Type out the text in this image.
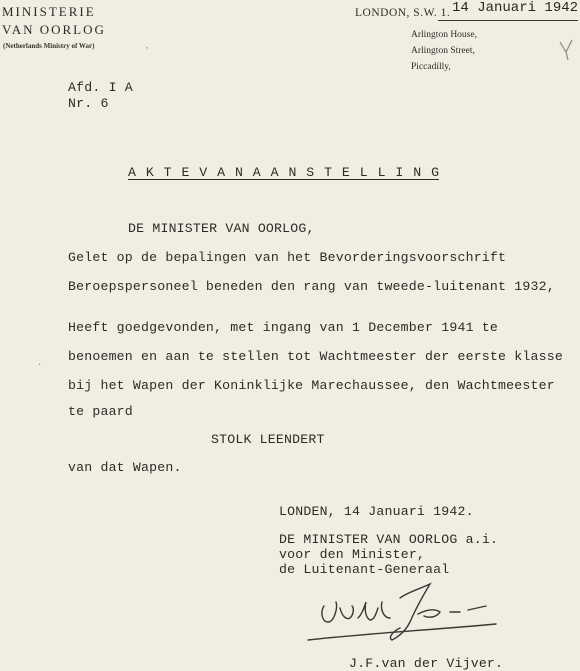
MINISTERIE
VAN OORLOG
(Netherlands Ministry of War)
LONDON, S.W. 1. 14 Januari 1942
Arlington House,
Arlington Street,
Piccadilly,
Afd. I A
Nr. 6
A K T E V A N A A N S T E L L I N G
DE MINISTER VAN OORLOG,
Gelet op de bepalingen van het Bevorderingsvoorschrift
Beroepspersoneel beneden den rang van tweede-luitenant 1932,
Heeft goedgevonden, met ingang van 1 December 1941 te
benoemen en aan te stellen tot Wachtmeester der eerste klasse
bij het Wapen der Koninklijke Marechaussee, den Wachtmeester
te paard
STOLK LEENDERT
van dat Wapen.
LONDEN, 14 Januari 1942.
DE MINISTER VAN OORLOG a.i.
voor den Minister,
de Luitenant-Generaal
J.F.van der Vijver.
,
·
